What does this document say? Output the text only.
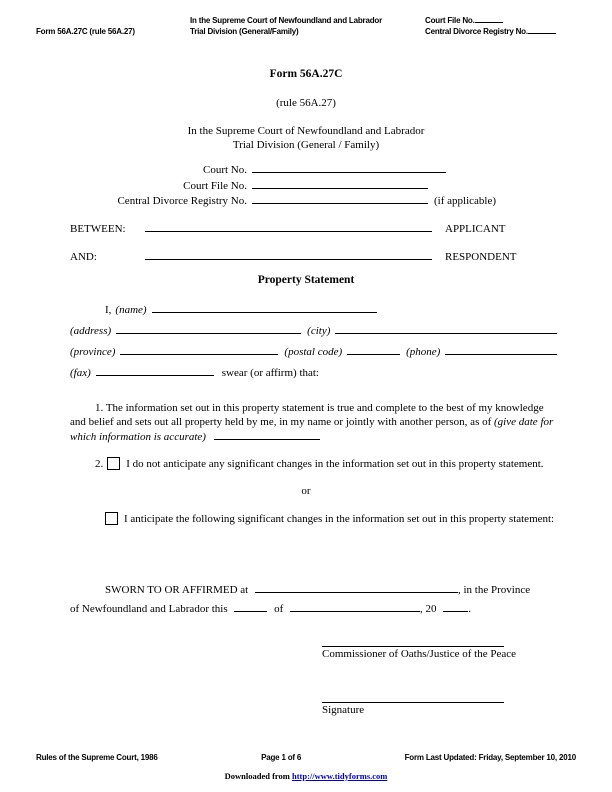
Form 56A.27C (rule 56A.27)
In the Supreme Court of Newfoundland and Labrador
Trial Division (General/Family)
Court File No.
Central Divorce Registry No.
Form 56A.27C
(rule 56A.27)
In the Supreme Court of Newfoundland and Labrador
Trial Division (General / Family)
Court No.
Court File No.
Central Divorce Registry No.	(if applicable)
BETWEEN:	APPLICANT
AND:	RESPONDENT
Property Statement
I, (name)
(address)	(city)
(province)	(postal code)	(phone)
(fax)	swear (or affirm) that:
1. The information set out in this property statement is true and complete to the best of my knowledge and belief and sets out all property held by me, in my name or jointly with another person, as of (give date for which information is accurate)
2. I do not anticipate any significant changes in the information set out in this property statement.
or
I anticipate the following significant changes in the information set out in this property statement:
SWORN TO OR AFFIRMED at	, in the Province
of Newfoundland and Labrador this	of	, 20	.
Commissioner of Oaths/Justice of the Peace
Signature
Rules of the Supreme Court, 1986	Page 1 of 6	Form Last Updated: Friday, September 10, 2010
Downloaded from http://www.tidyforms.com
